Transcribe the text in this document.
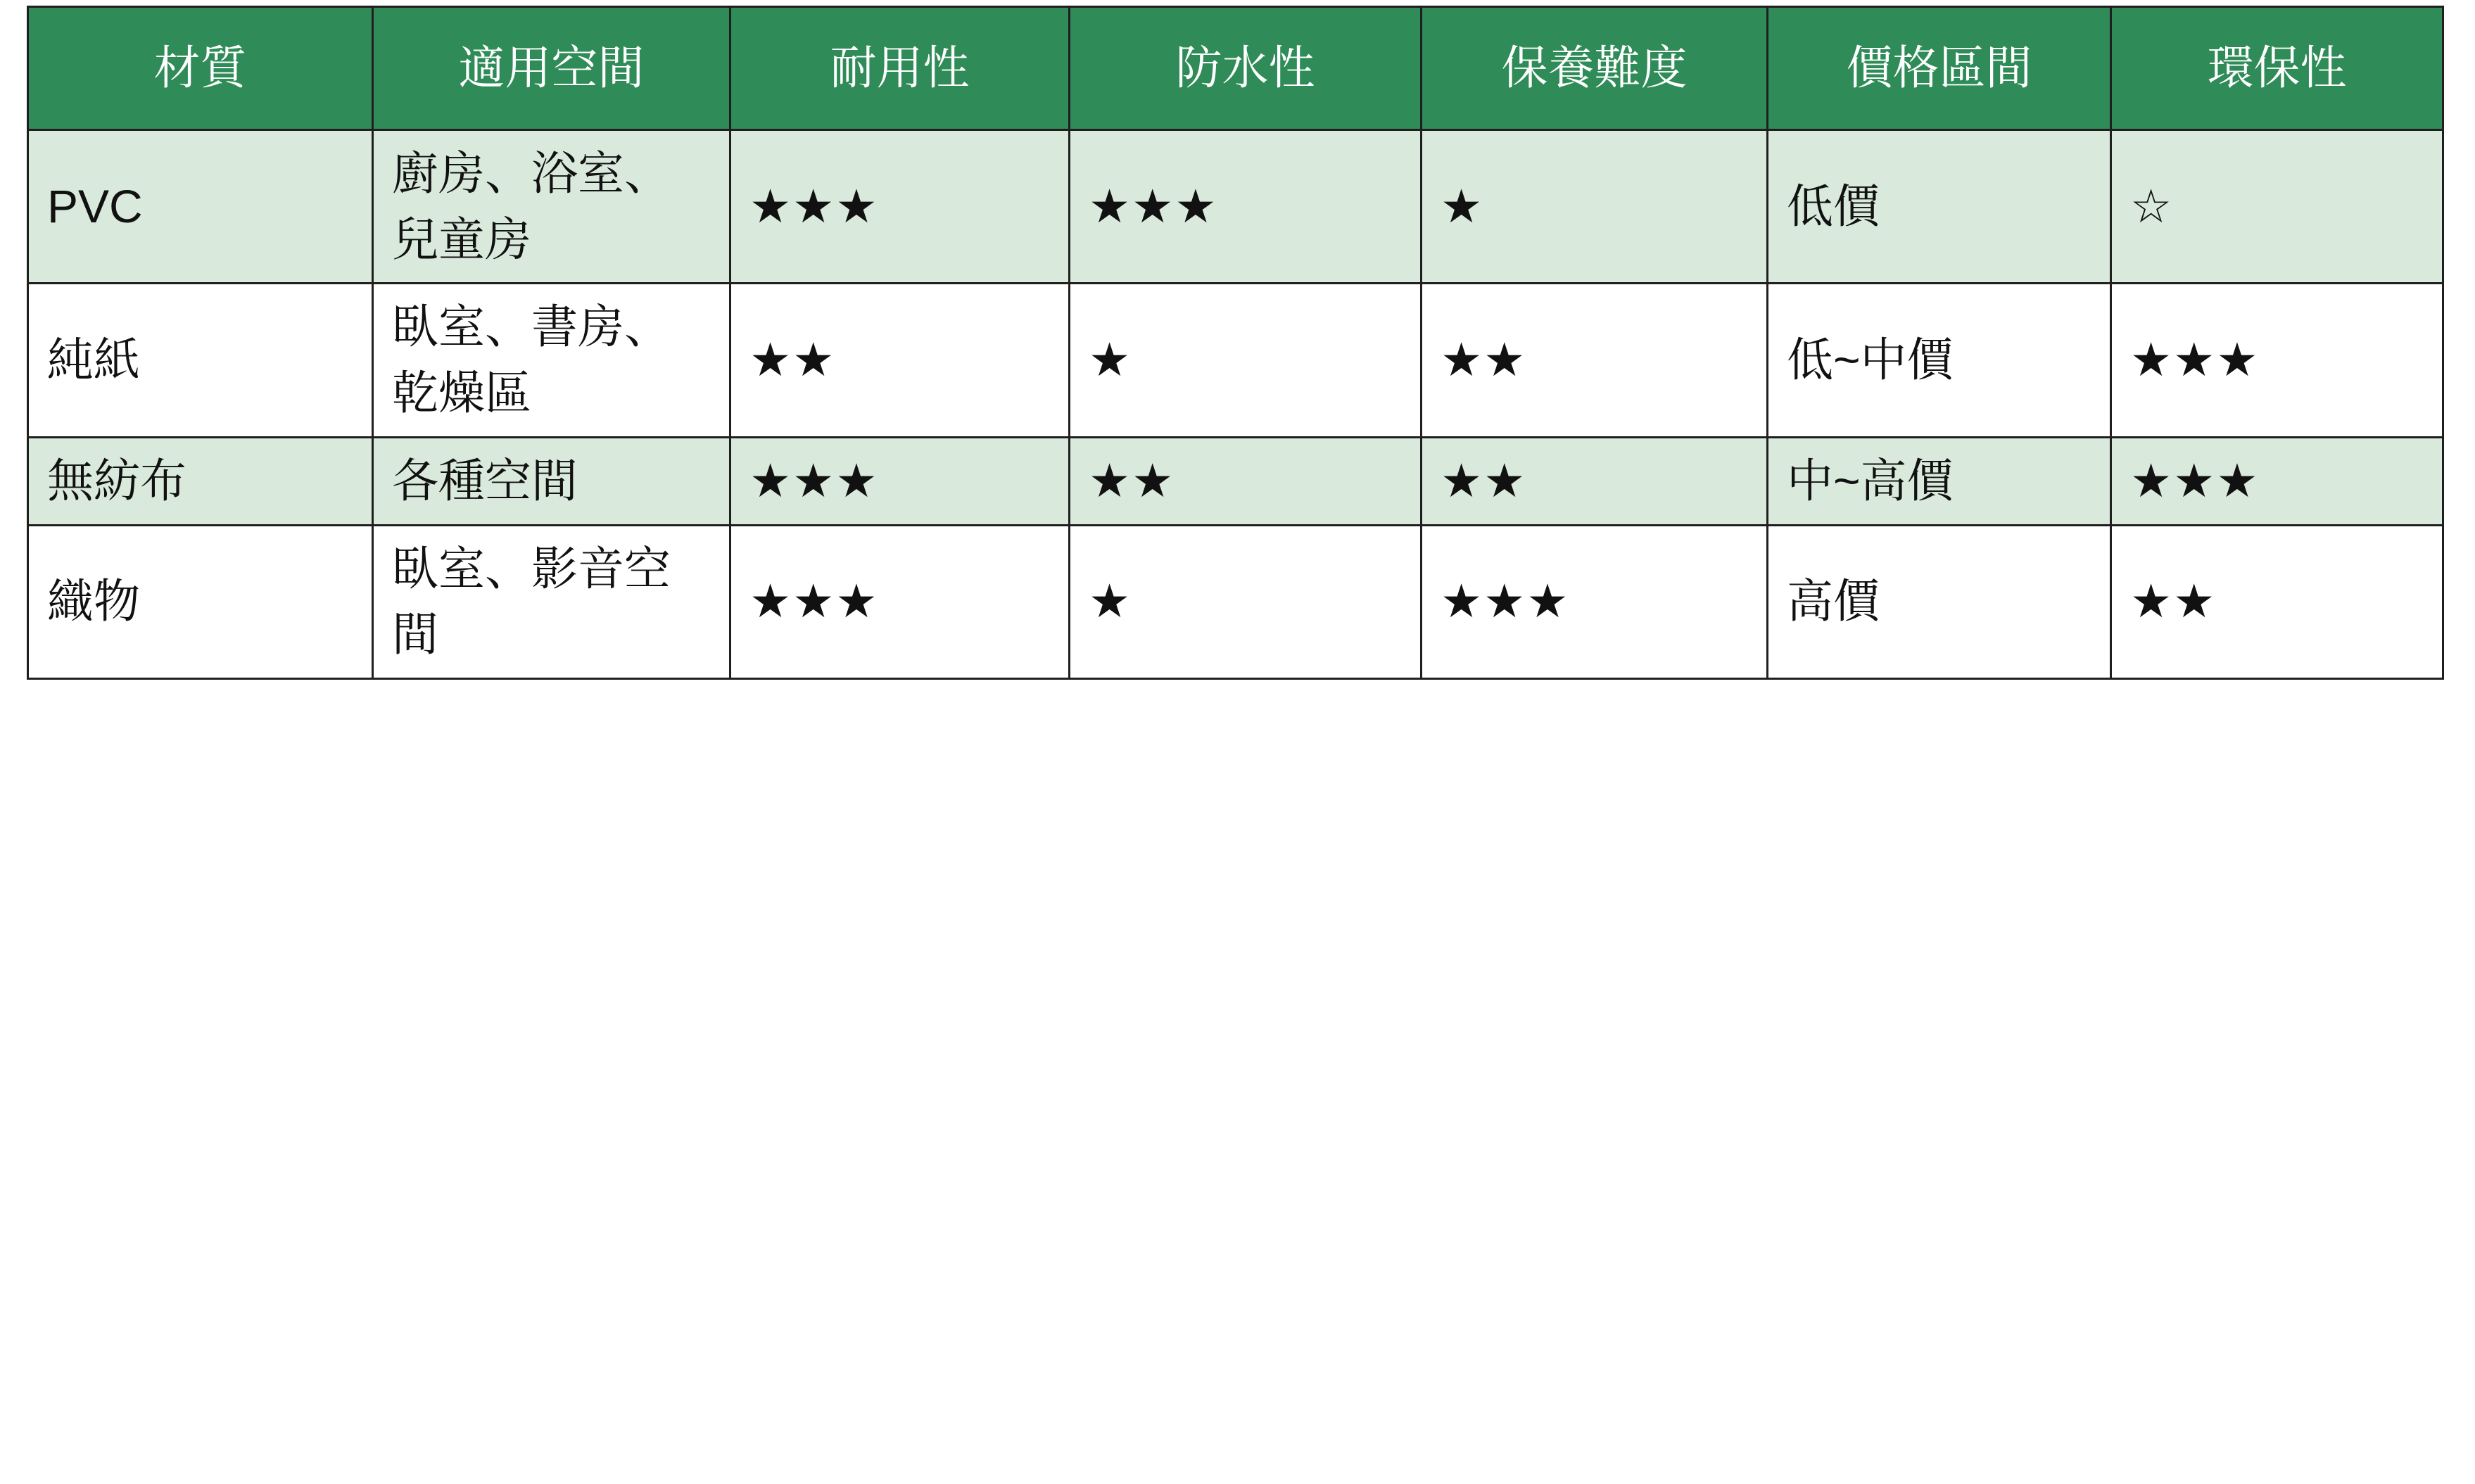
材質	適用空間	耐用性	防水性	保養難度	價格區間	環保性
PVC	廚房、浴室、兒童房	★★★	★★★	★	低價	☆
純紙	臥室、書房、乾燥區	★★	★	★★	低~中價	★★★
無紡布	各種空間	★★★	★★	★★	中~高價	★★★
織物	臥室、影音空間	★★★	★	★★★	高價	★★
